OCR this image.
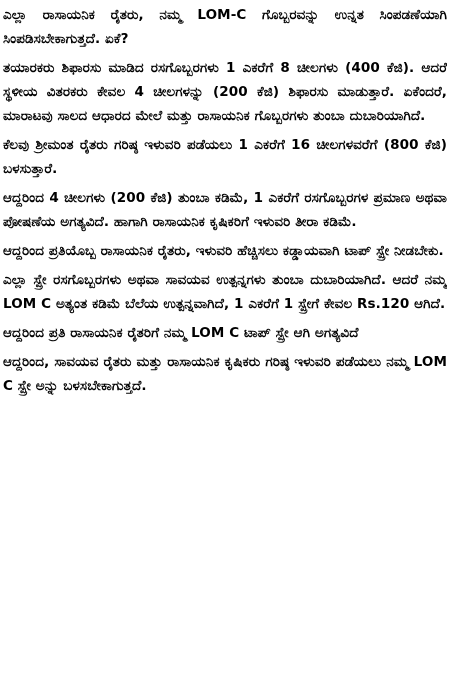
ಎಲ್ಲಾ ರಾಸಾಯನಿಕ ರೈತರು, ನಮ್ಮ LOM-C ಗೊಬ್ಬರವನ್ನು ಉನ್ನತ ಸಿಂಪಡಣೆಯಾಗಿ ಸಿಂಪಡಿಸಬೇಕಾಗುತ್ತದೆ. ಏಕೆ?

ತಯಾರಕರು ಶಿಫಾರಸು ಮಾಡಿದ ರಸಗೊಬ್ಬರಗಳು 1 ಎಕರೆಗೆ 8 ಚೀಲಗಳು (400 ಕೆಜಿ). ಆದರೆ ಸ್ಥಳೀಯ ವಿತರಕರು ಕೇವಲ 4 ಚೀಲಗಳನ್ನು (200 ಕೆಜಿ) ಶಿಫಾರಸು ಮಾಡುತ್ತಾರೆ. ಏಕೆಂದರೆ, ಮಾರಾಟವು ಸಾಲದ ಆಧಾರದ ಮೇಲೆ ಮತ್ತು ರಾಸಾಯನಿಕ ಗೊಬ್ಬರಗಳು ತುಂಬಾ ದುಬಾರಿಯಾಗಿದೆ.

ಕೆಲವು ಶ್ರೀಮಂತ ರೈತರು ಗರಿಷ್ಠ ಇಳುವರಿ ಪಡೆಯಲು 1 ಎಕರೆಗೆ 16 ಚೀಲಗಳವರೆಗೆ (800 ಕೆಜಿ) ಬಳಸುತ್ತಾರೆ.

ಆದ್ದರಿಂದ 4 ಚೀಲಗಳು (200 ಕೆಜಿ) ತುಂಬಾ ಕಡಿಮೆ, 1 ಎಕರೆಗೆ ರಸಗೊಬ್ಬರಗಳ ಪ್ರಮಾಣ ಅಥವಾ ಪೋಷಣೆಯ ಅಗತ್ಯವಿದೆ. ಹಾಗಾಗಿ ರಾಸಾಯನಿಕ ಕೃಷಿಕರಿಗೆ ಇಳುವರಿ ತೀರಾ ಕಡಿಮೆ.

ಆದ್ದರಿಂದ ಪ್ರತಿಯೊಬ್ಬ ರಾಸಾಯನಿಕ ರೈತರು, ಇಳುವರಿ ಹೆಚ್ಚಿಸಲು ಕಡ್ಡಾಯವಾಗಿ ಟಾಪ್ ಸ್ಪ್ರೇ ನೀಡಬೇಕು.

ಎಲ್ಲಾ ಸ್ಪ್ರೇ ರಸಗೊಬ್ಬರಗಳು ಅಥವಾ ಸಾವಯವ ಉತ್ಪನ್ನಗಳು ತುಂಬಾ ದುಬಾರಿಯಾಗಿದೆ. ಆದರೆ ನಮ್ಮ LOM C ಅತ್ಯಂತ ಕಡಿಮೆ ಬೆಲೆಯ ಉತ್ಪನ್ನವಾಗಿದೆ, 1 ಎಕರೆಗೆ 1 ಸ್ಪ್ರೇಗೆ ಕೇವಲ Rs.120 ಆಗಿದೆ.

ಆದ್ದರಿಂದ ಪ್ರತಿ ರಾಸಾಯನಿಕ ರೈತರಿಗೆ ನಮ್ಮ LOM C ಟಾಪ್ ಸ್ಪ್ರೇ ಆಗಿ ಅಗತ್ಯವಿದೆ

ಆದ್ದರಿಂದ, ಸಾವಯವ ರೈತರು ಮತ್ತು ರಾಸಾಯನಿಕ ಕೃಷಿಕರು ಗರಿಷ್ಠ ಇಳುವರಿ ಪಡೆಯಲು ನಮ್ಮ LOM C ಸ್ಪ್ರೇ ಅನ್ನು ಬಳಸಬೇಕಾಗುತ್ತದೆ.
